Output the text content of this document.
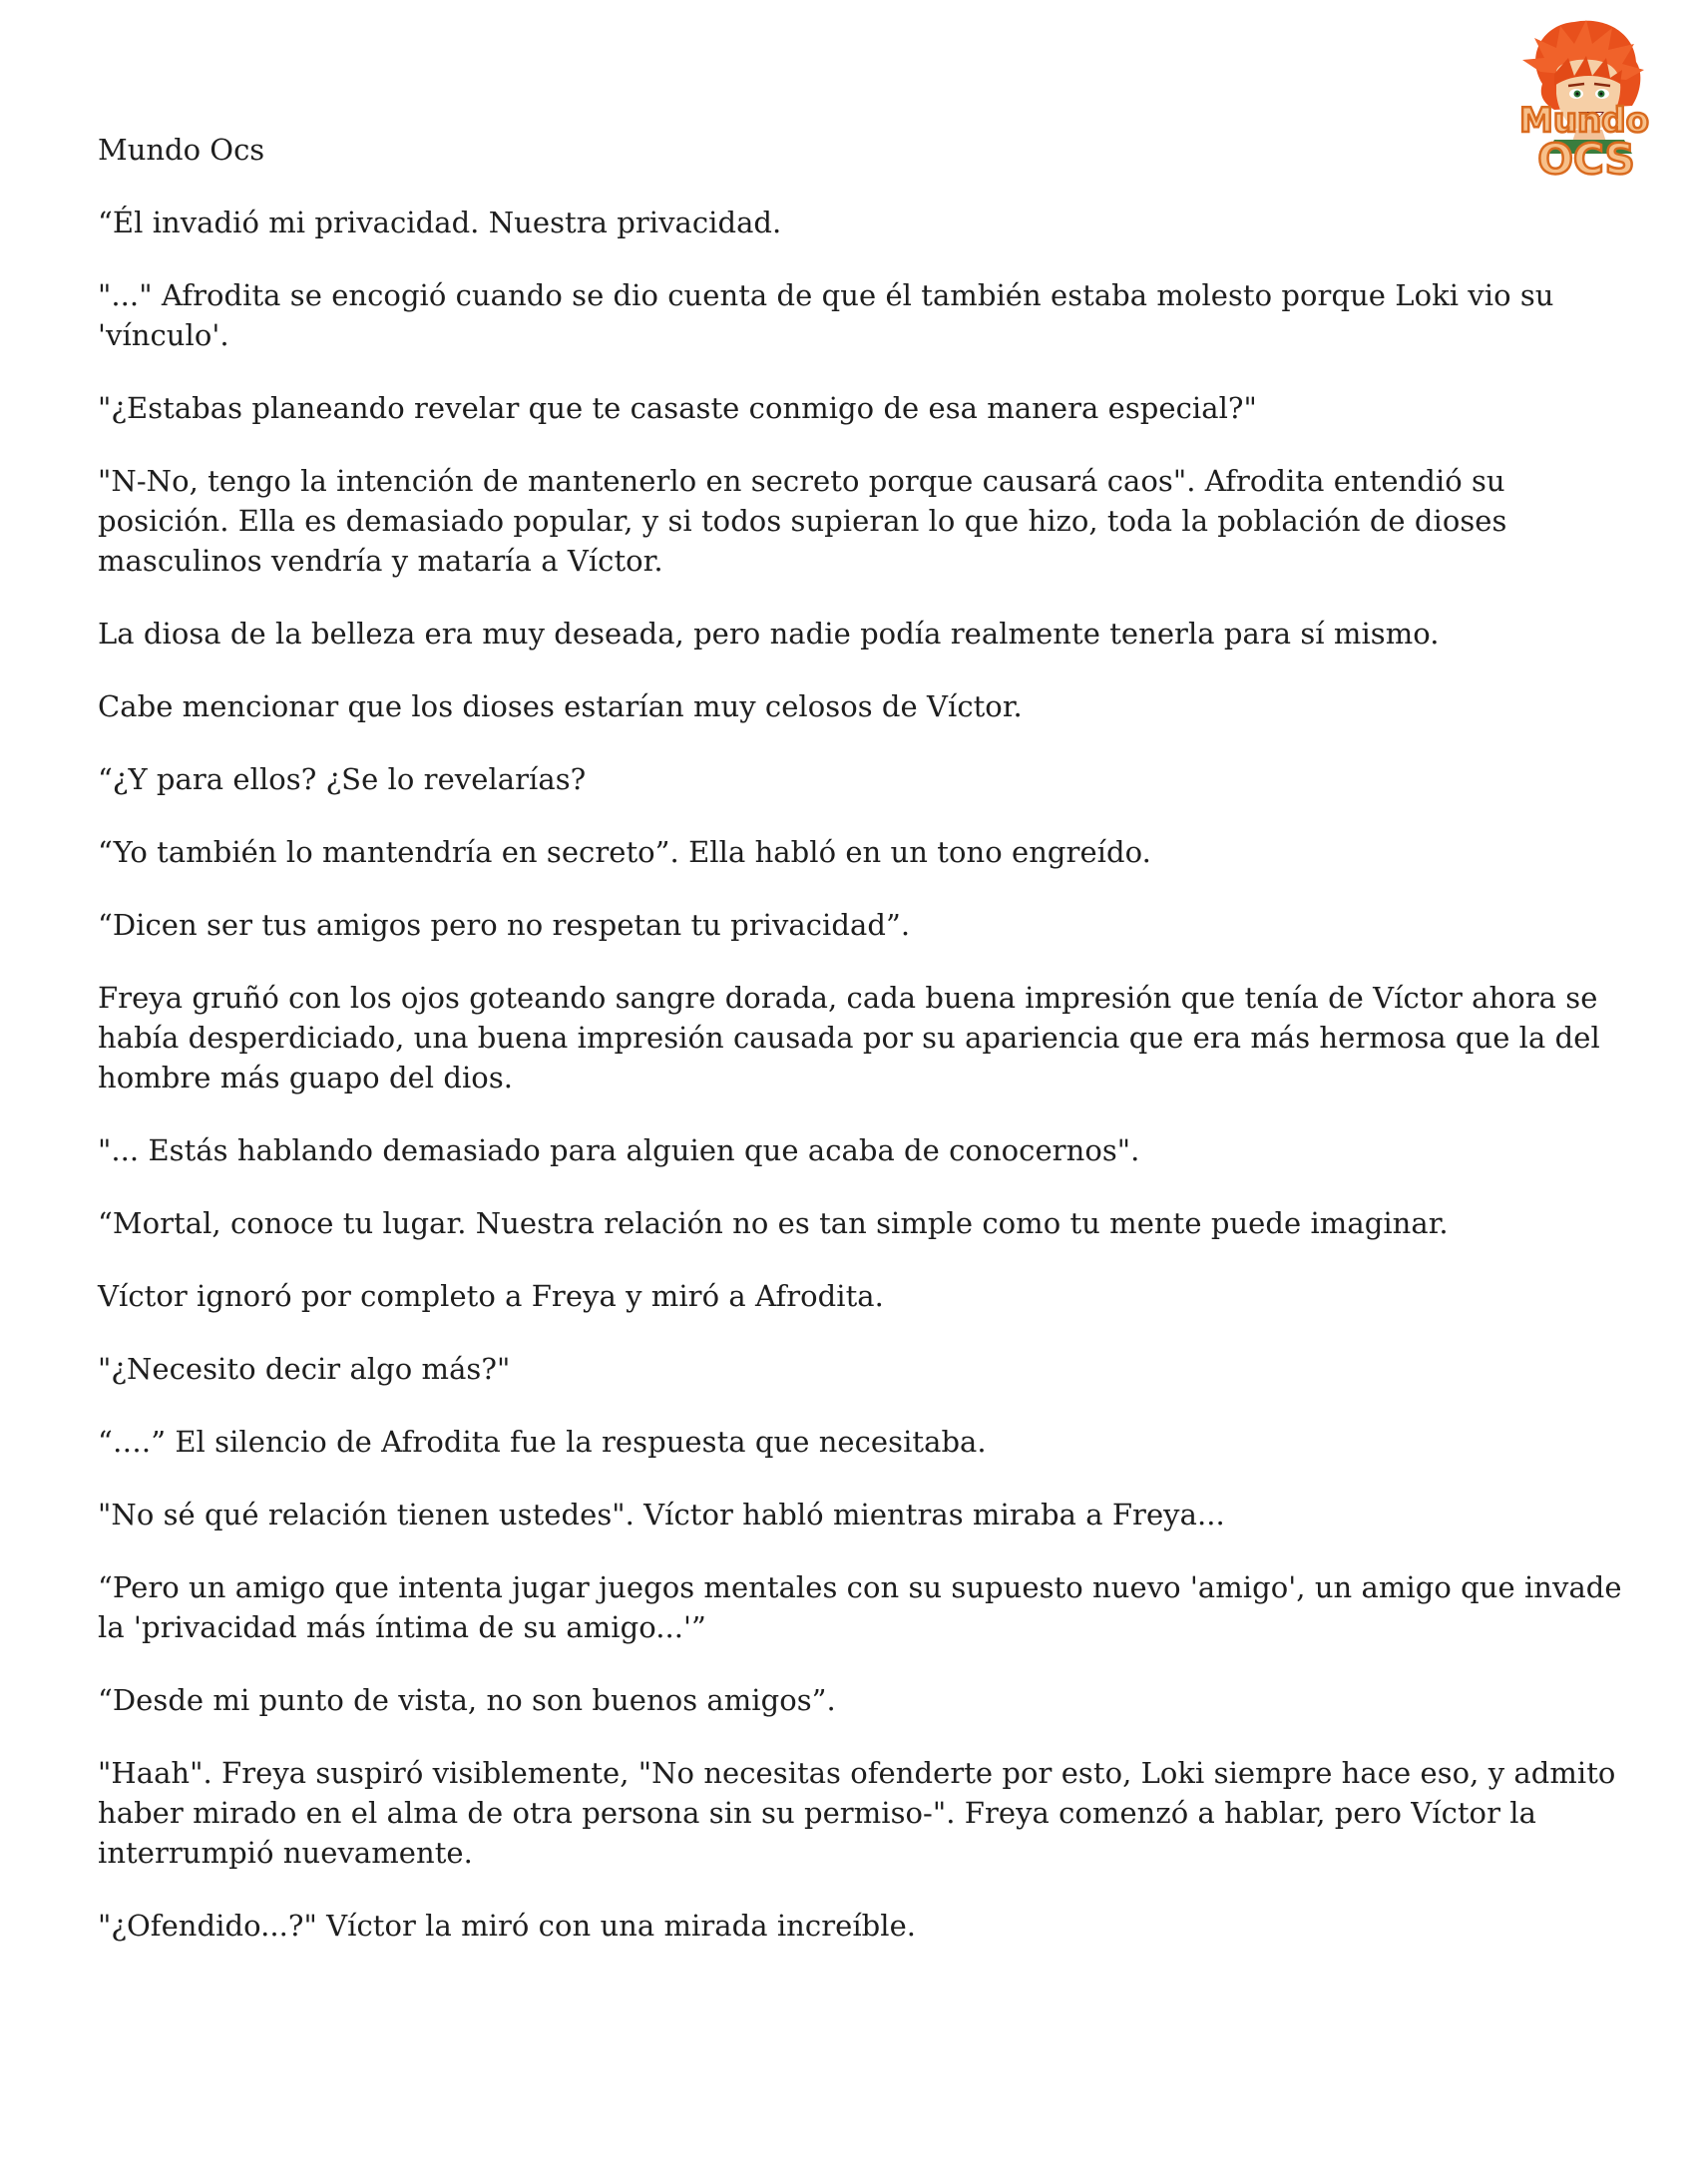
Mundo
OCS

Mundo Ocs

“Él invadió mi privacidad. Nuestra privacidad.

"..." Afrodita se encogió cuando se dio cuenta de que él también estaba molesto porque Loki vio su 'vínculo'.

"¿Estabas planeando revelar que te casaste conmigo de esa manera especial?"

"N-No, tengo la intención de mantenerlo en secreto porque causará caos". Afrodita entendió su posición. Ella es demasiado popular, y si todos supieran lo que hizo, toda la población de dioses masculinos vendría y mataría a Víctor.

La diosa de la belleza era muy deseada, pero nadie podía realmente tenerla para sí mismo.

Cabe mencionar que los dioses estarían muy celosos de Víctor.

“¿Y para ellos? ¿Se lo revelarías?

“Yo también lo mantendría en secreto”. Ella habló en un tono engreído.

“Dicen ser tus amigos pero no respetan tu privacidad”.

Freya gruñó con los ojos goteando sangre dorada, cada buena impresión que tenía de Víctor ahora se había desperdiciado, una buena impresión causada por su apariencia que era más hermosa que la del hombre más guapo del dios.

"... Estás hablando demasiado para alguien que acaba de conocernos".

“Mortal, conoce tu lugar. Nuestra relación no es tan simple como tu mente puede imaginar.

Víctor ignoró por completo a Freya y miró a Afrodita.

"¿Necesito decir algo más?"

“….” El silencio de Afrodita fue la respuesta que necesitaba.

"No sé qué relación tienen ustedes". Víctor habló mientras miraba a Freya...

“Pero un amigo que intenta jugar juegos mentales con su supuesto nuevo 'amigo', un amigo que invade la 'privacidad más íntima de su amigo...'”

“Desde mi punto de vista, no son buenos amigos”.

"Haah". Freya suspiró visiblemente, "No necesitas ofenderte por esto, Loki siempre hace eso, y admito haber mirado en el alma de otra persona sin su permiso-". Freya comenzó a hablar, pero Víctor la interrumpió nuevamente.

"¿Ofendido...?" Víctor la miró con una mirada increíble.
